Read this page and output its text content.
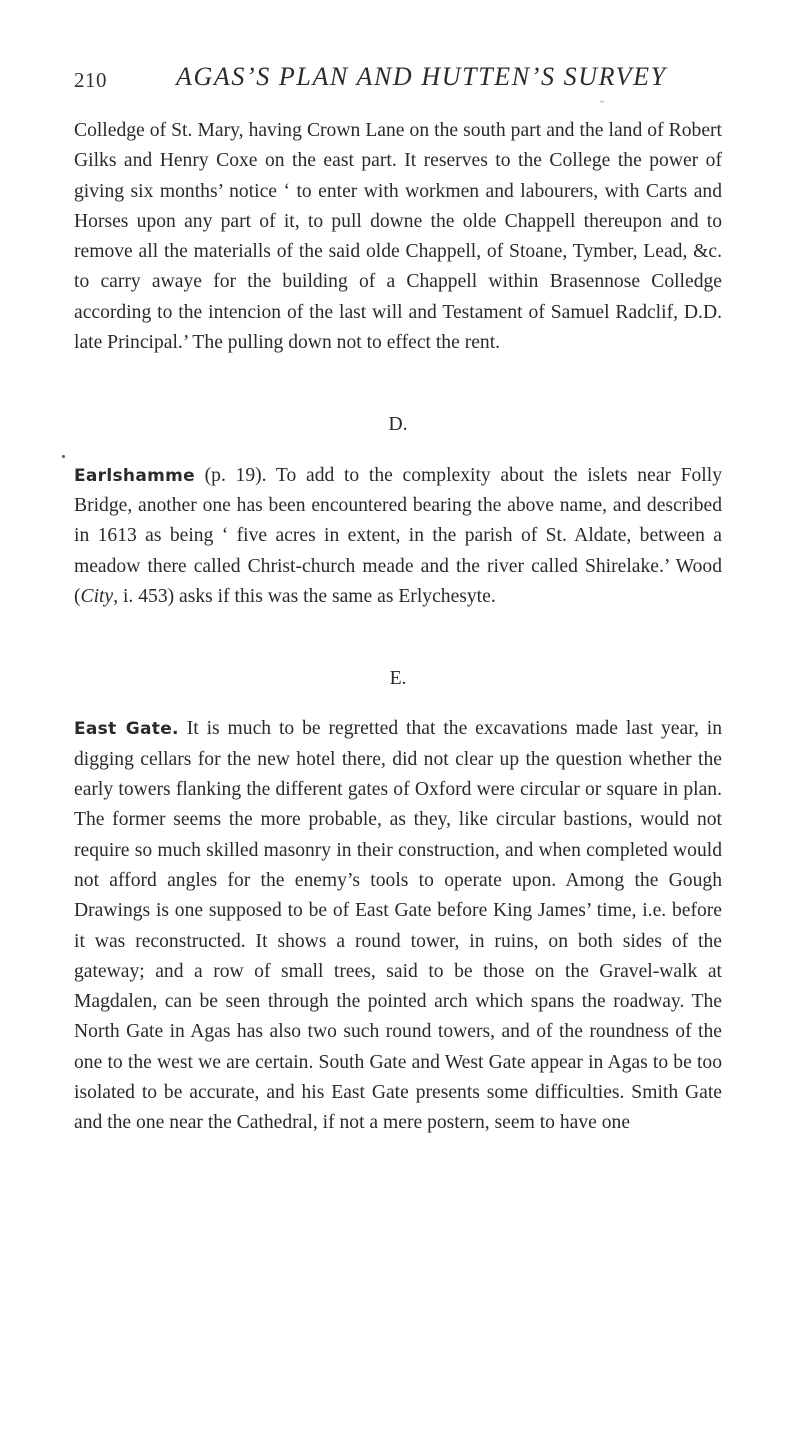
210	AGAS’S PLAN AND HUTTEN’S SURVEY
ˇ

Colledge of St. Mary, having Crown Lane on the south part and the land of Robert Gilks and Henry Coxe on the east part. It reserves to the College the power of giving six months’ notice ‘ to enter with workmen and labourers, with Carts and Horses upon any part of it, to pull downe the olde Chappell thereupon and to remove all the materialls of the said olde Chappell, of Stoane, Tymber, Lead, &c. to carry awaye for the building of a Chappell within Brasennose Colledge according to the intencion of the last will and Testament of Samuel Radclif, D.D. late Principal.’ The pulling down not to effect the rent.

D.

Earlshamme (p. 19). To add to the complexity about the islets near Folly Bridge, another one has been encountered bearing the above name, and described in 1613 as being ‘ five acres in extent, in the parish of St. Aldate, between a meadow there called Christ-church meade and the river called Shirelake.’ Wood (City, i. 453) asks if this was the same as Erlychesyte.

E.

East Gate. It is much to be regretted that the excavations made last year, in digging cellars for the new hotel there, did not clear up the question whether the early towers flanking the different gates of Oxford were circular or square in plan. The former seems the more probable, as they, like circular bastions, would not require so much skilled masonry in their construction, and when completed would not afford angles for the enemy’s tools to operate upon. Among the Gough Drawings is one supposed to be of East Gate before King James’ time, i.e. before it was reconstructed. It shows a round tower, in ruins, on both sides of the gateway; and a row of small trees, said to be those on the Gravel-walk at Magdalen, can be seen through the pointed arch which spans the roadway. The North Gate in Agas has also two such round towers, and of the roundness of the one to the west we are certain. South Gate and West Gate appear in Agas to be too isolated to be accurate, and his East Gate presents some difficulties. Smith Gate and the one near the Cathedral, if not a mere postern, seem to have one
